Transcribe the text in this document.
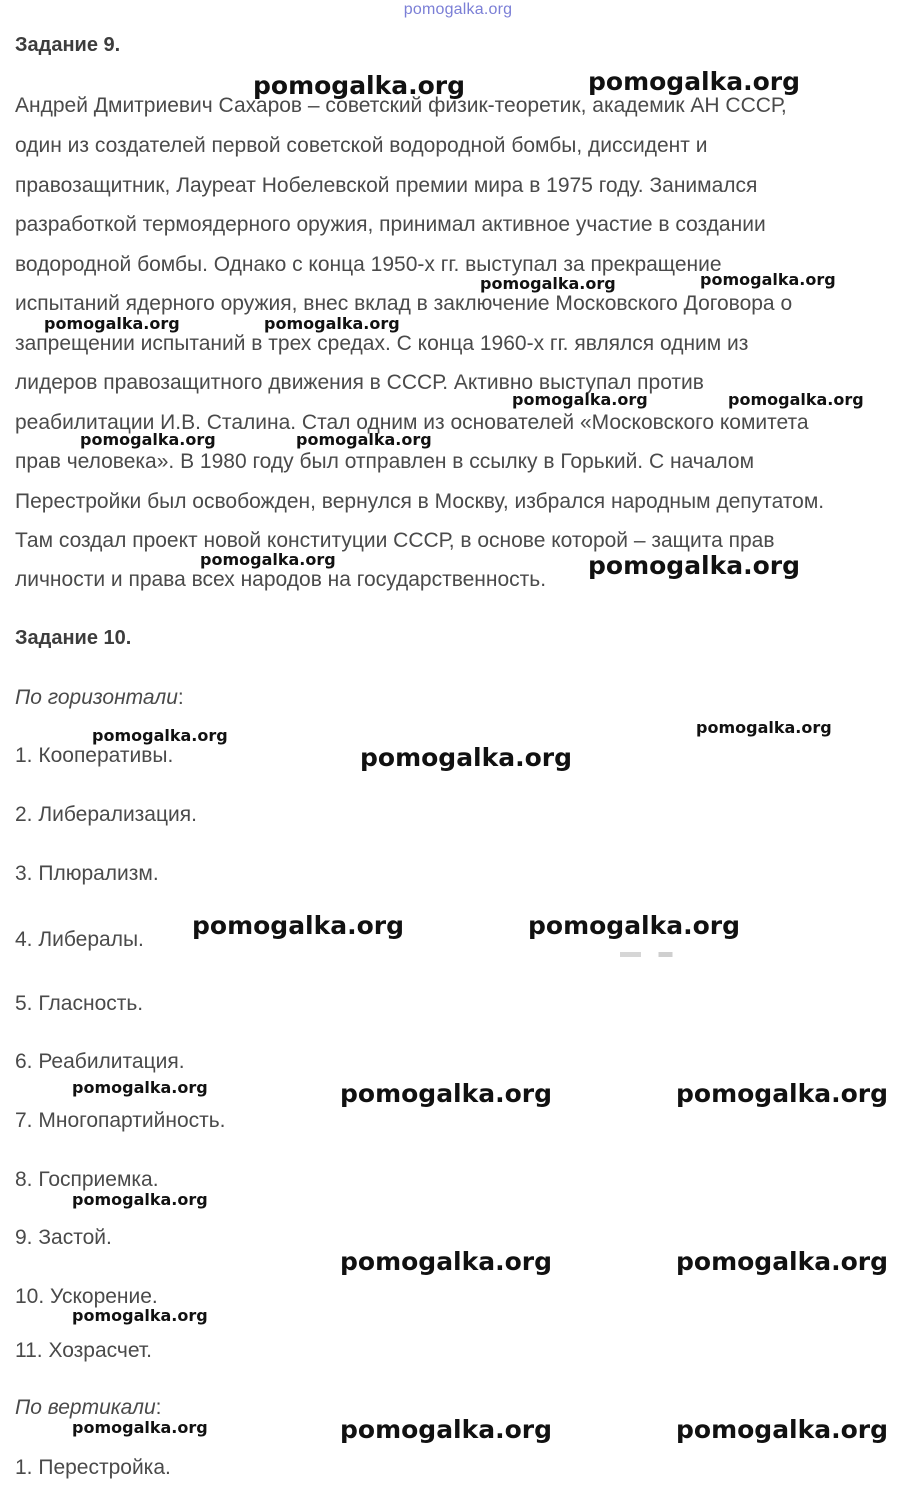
pomogalka.org
Задание 9.
Андрей Дмитриевич Сахаров – советский физик-теоретик, академик АН СССР,
один из создателей первой советской водородной бомбы, диссидент и
правозащитник, Лауреат Нобелевской премии мира в 1975 году. Занимался
разработкой термоядерного оружия, принимал активное участие в создании
водородной бомбы. Однако с конца 1950-х гг. выступал за прекращение
испытаний ядерного оружия, внес вклад в заключение Московского Договора о
запрещении испытаний в трех средах. С конца 1960-х гг. являлся одним из
лидеров правозащитного движения в СССР. Активно выступал против
реабилитации И.В. Сталина. Стал одним из основателей «Московского комитета
прав человека». В 1980 году был отправлен в ссылку в Горький. С началом
Перестройки был освобожден, вернулся в Москву, избрался народным депутатом.
Там создал проект новой конституции СССР, в основе которой – защита прав
личности и права всех народов на государственность.
Задание 10.
По горизонтали:
1. Кооперативы.
2. Либерализация.
3. Плюрализм.
4. Либералы.
5. Гласность.
6. Реабилитация.
7. Многопартийность.
8. Госприемка.
9. Застой.
10. Ускорение.
11. Хозрасчет.
По вертикали:
1. Перестройка.
pomogalka.org	pomogalka.org
pomogalka.org	pomogalka.org
pomogalka.org	pomogalka.org
pomogalka.org	pomogalka.org
pomogalka.org	pomogalka.org
pomogalka.org	pomogalka.org
pomogalka.org	pomogalka.org
pomogalka.org
pomogalka.org	pomogalka.org
pomogalka.org	pomogalka.org	pomogalka.org
pomogalka.org
pomogalka.org	pomogalka.org
pomogalka.org
pomogalka.org	pomogalka.org	pomogalka.org
